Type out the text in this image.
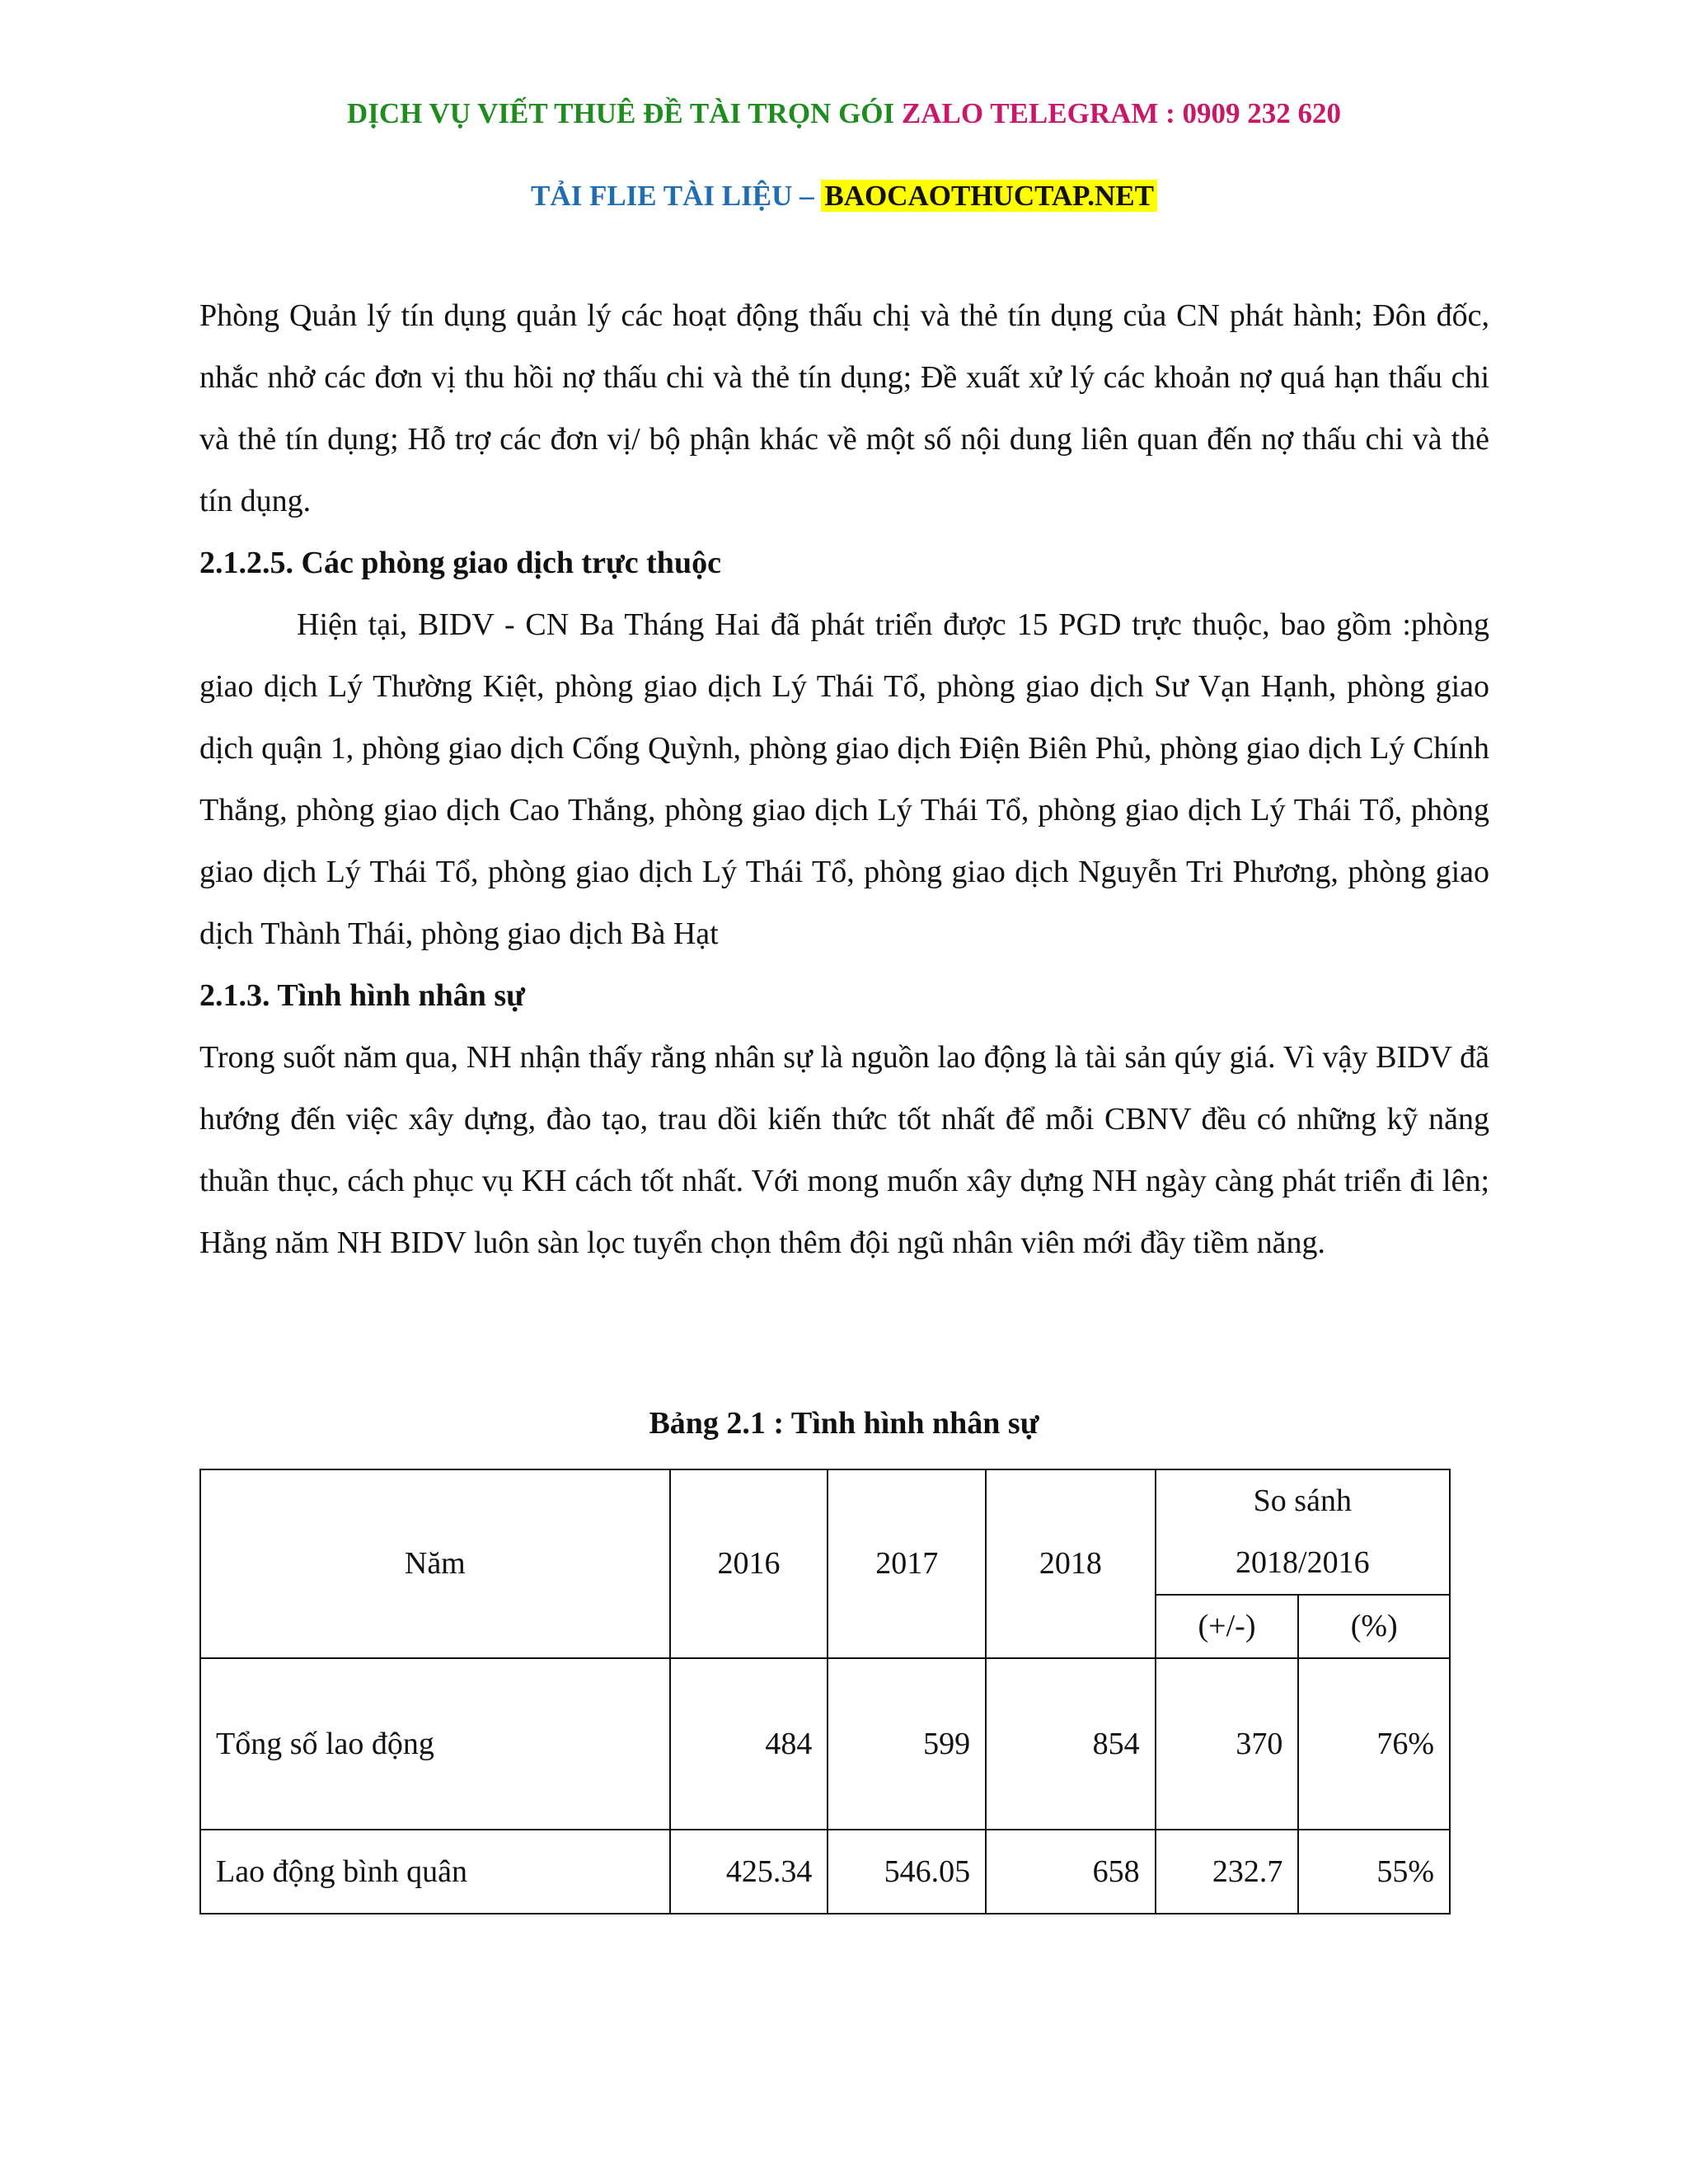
DỊCH VỤ VIẾT THUÊ ĐỀ TÀI TRỌN GÓI ZALO TELEGRAM : 0909 232 620
TẢI FLIE TÀI LIỆU – BAOCAOTHUCTAP.NET

Phòng Quản lý tín dụng quản lý các hoạt động thấu chị và thẻ tín dụng của CN phát hành; Đôn đốc, nhắc nhở các đơn vị thu hồi nợ thấu chi và thẻ tín dụng; Đề xuất xử lý các khoản nợ quá hạn thấu chi và thẻ tín dụng; Hỗ trợ các đơn vị/ bộ phận khác về một số nội dung liên quan đến nợ thấu chi và thẻ tín dụng.

2.1.2.5. Các phòng giao dịch trực thuộc

Hiện tại, BIDV - CN Ba Tháng Hai đã phát triển được 15 PGD trực thuộc, bao gồm :phòng giao dịch Lý Thường Kiệt, phòng giao dịch Lý Thái Tổ, phòng giao dịch Sư Vạn Hạnh, phòng giao dịch quận 1, phòng giao dịch Cống Quỳnh, phòng giao dịch Điện Biên Phủ, phòng giao dịch Lý Chính Thắng, phòng giao dịch Cao Thắng, phòng giao dịch Lý Thái Tổ, phòng giao dịch Lý Thái Tổ, phòng giao dịch Lý Thái Tổ, phòng giao dịch Lý Thái Tổ, phòng giao dịch Nguyễn Tri Phương, phòng giao dịch Thành Thái, phòng giao dịch Bà Hạt

2.1.3. Tình hình nhân sự

Trong suốt năm qua, NH nhận thấy rằng nhân sự là nguồn lao động là tài sản qúy giá. Vì vậy BIDV đã hướng đến việc xây dựng, đào tạo, trau dồi kiến thức tốt nhất để mỗi CBNV đều có những kỹ năng thuần thục, cách phục vụ KH cách tốt nhất. Với mong muốn xây dựng NH ngày càng phát triển đi lên; Hằng năm NH BIDV luôn sàn lọc tuyển chọn thêm đội ngũ nhân viên mới đầy tiềm năng.

Bảng 2.1 : Tình hình nhân sự
Năm	2016	2017	2018	So sánh
2018/2016	

				(+/-)	(%)
Tổng số lao động	484	599	854	370	76%
Lao động bình quân	425.34	546.05	658	232.7	55%
